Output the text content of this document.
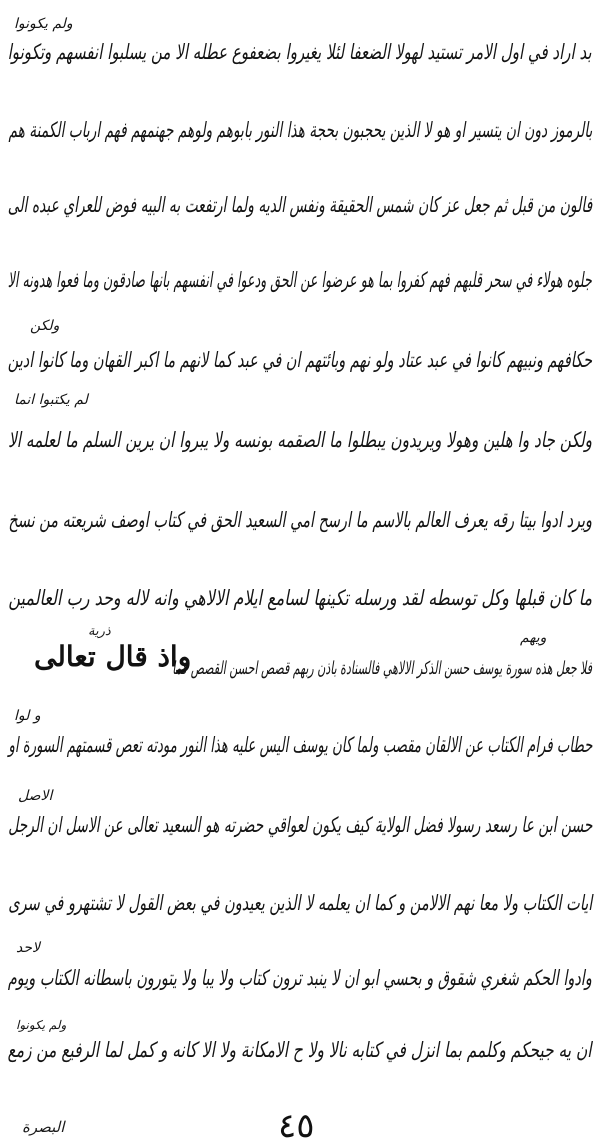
بد اراد في اول الامر تستيد لهولا الضعفا لئلا يغيروا بضعفوع عطله الا من يسلبوا انفسهم وتكونوا
ولم يكونوا
بالرموز دون ان يتسير او هو لا الذين يحجبون بحجة هذا النور بابوهم ولوهم جهنمهم فهم ارباب الكمنة هم
فالون من قبل ثم جعل عز كان شمس الحقيقة ونفس الديه ولما ارتفعت به البيه فوض للعراي عبده الى
جلوه هولاء في سحر قلبهم فهم كفروا بما هو عرضوا عن الحق ودعوا في انفسهم بانها صادقون وما فعوا هدونه الا
حكافهم ونبيهم كانوا في عبد عتاد ولو نهم وبائتهم ان في عبد كما لانهم ما اكبر القهان وما كانوا ادين
ولكن
ولكن جاد وا هلين وهولا ويريدون يبطلوا ما الصقمه بونسه ولا يبروا ان يرين السلم ما لعلمه الا
لم يكتبوا انما
ويرد ادوا بيتا رقه يعرف العالم بالاسم ما ارسح امي السعيد الحق في كتاب اوصف شريعته من نسخ
ما كان قبلها وكل توسطه لقد ورسله تكينها لسامع ايلام الالاهي وانه لاله وحد رب العالمين
واذ قال تعالى
ذرية
فلا جعل هذه سورة يوسف حسن الذكر الالاهي فالسنادة باذن ربهم قصص احسن القصص كما
ويهم
حطاب فرام الكتاب عن الالقان مقصب ولما كان يوسف اليس عليه هذا النور مودته تعص قسمتهم السورة او
و لوا
حسن ابن عا رسعد رسولا فضل الولاية كيف يكون لعواقي حضرته هو السعيد تعالى عن الاسل ان الرجل
الاصل
ايات الكتاب ولا معا نهم الالامن و كما ان يعلمه لا الذين يعيدون في بعض القول لا تشتهرو في سرى
وادوا الحكم شغري شقوق و بحسي ابو ان لا ينبد ترون كتاب ولا يبا ولا يتورون باسطانه الكتاب ويوم
لاحد
ان يه جيحكم وكلمم بما انزل في كتابه نالا ولا ح الامكانة ولا الا كانه و كمل لما الرفيع من زمع
ولم يكونوا
٤٥
البصرة
